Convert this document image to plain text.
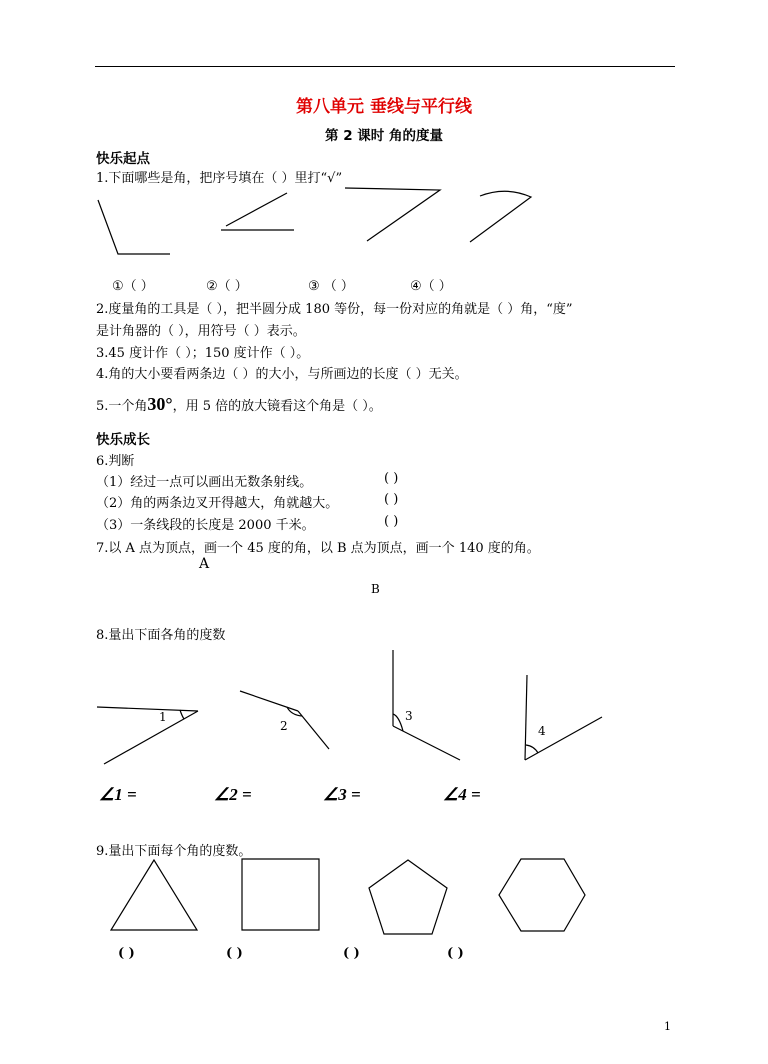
第八单元 垂线与平行线
第 2 课时 角的度量
快乐起点
1.下面哪些是角，把序号填在（ ）里打“√”
①（ ）	②（ ）	③ （ ）	④（ ）
2.度量角的工具是（ ），把半圆分成 180 等份，每一份对应的角就是（ ）角，“度”
是计角器的（ ），用符号（ ）表示。
3.45 度计作（ ）；150 度计作（ ）。
4.角的大小要看两条边（ ）的大小，与所画边的长度（ ）无关。
5.一个角30°，用 5 倍的放大镜看这个角是（ ）。
快乐成长
6.判断
（1）经过一点可以画出无数条射线。	( )
（2）角的两条边叉开得越大，角就越大。	( )
（3）一条线段的长度是 2000 千米。	( )
7.以 A 点为顶点，画一个 45 度的角，以 B 点为顶点，画一个 140 度的角。
A
B
8.量出下面各角的度数
1
2
3
4
∠1 =	∠2 =	∠3 =	∠4 =
9.量出下面每个角的度数。
( )	( )	( )	( )
1
